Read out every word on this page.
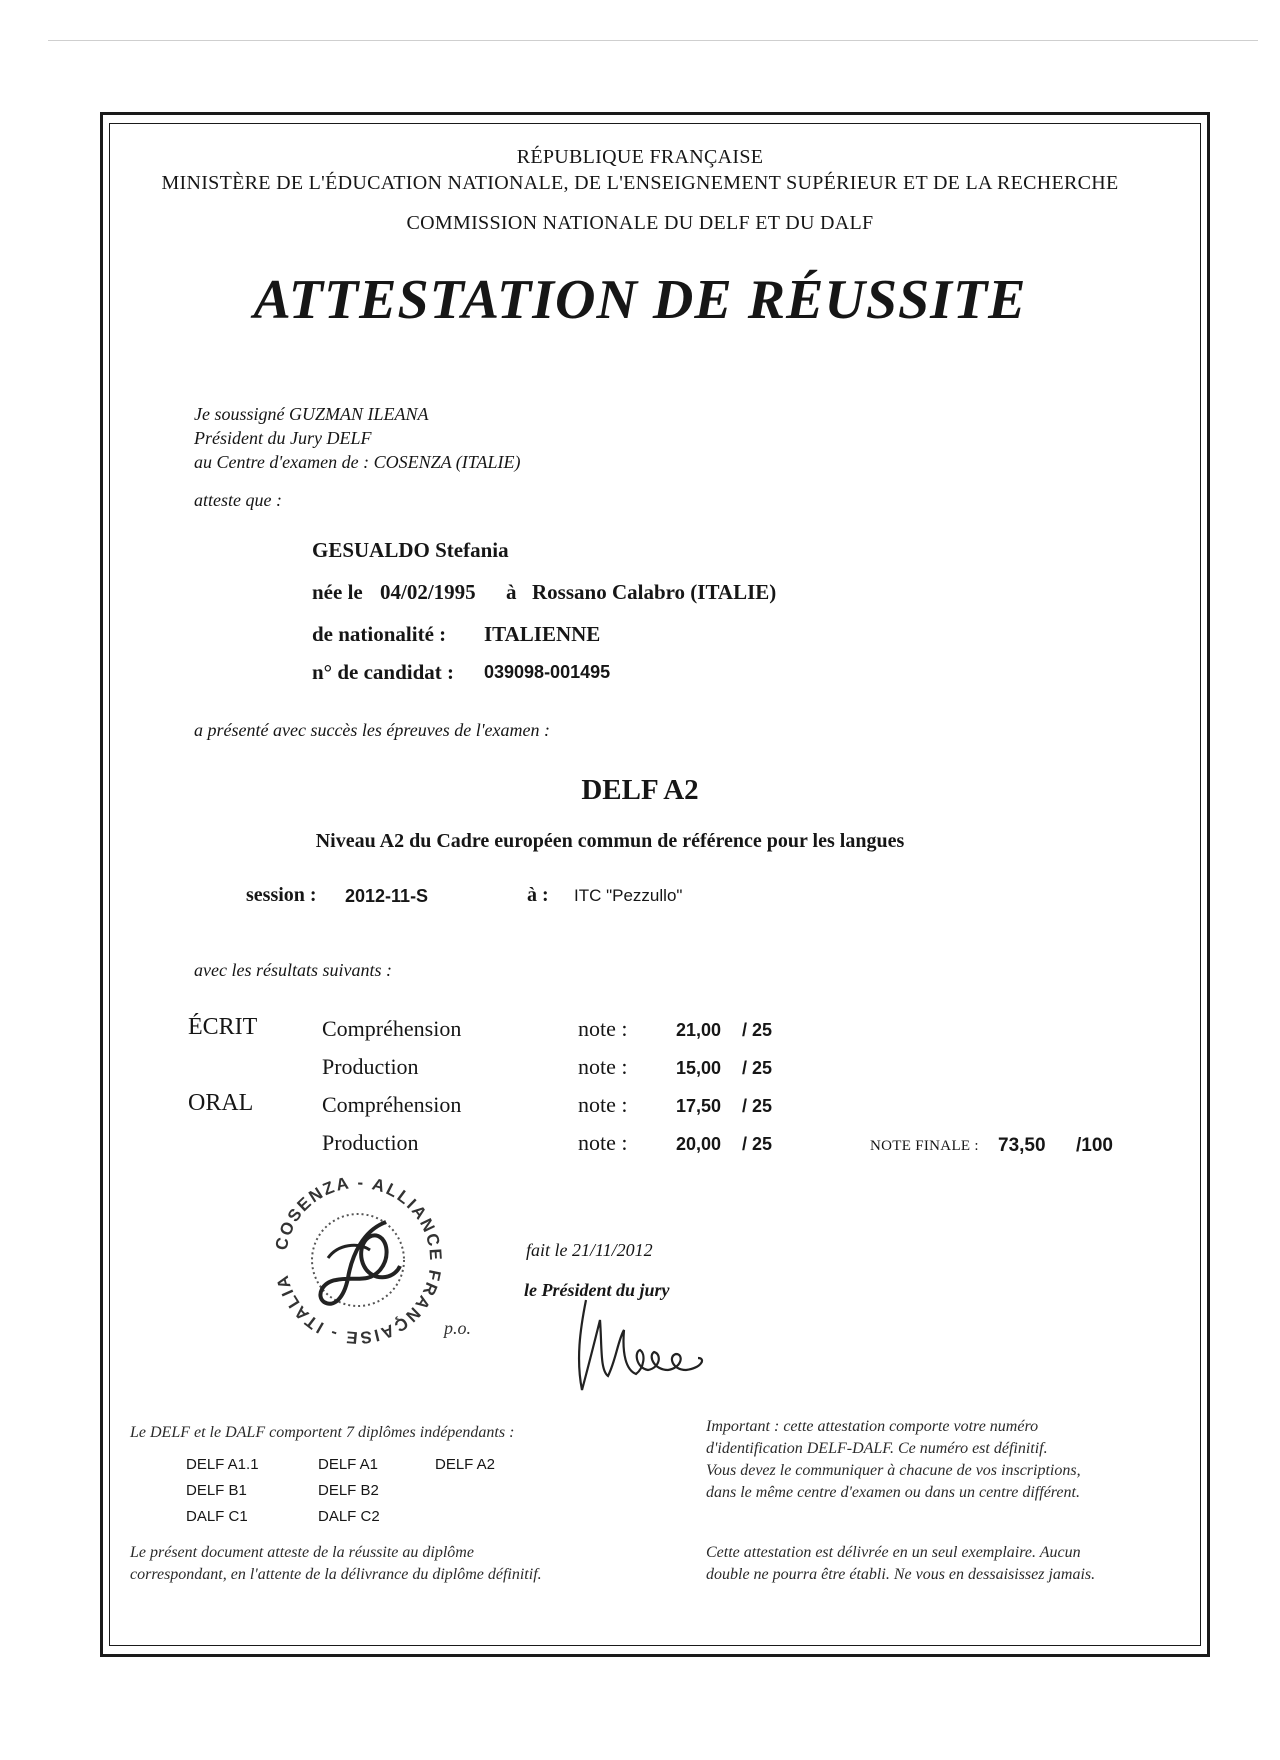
RÉPUBLIQUE FRANÇAISE
MINISTÈRE DE L'ÉDUCATION NATIONALE, DE L'ENSEIGNEMENT SUPÉRIEUR ET DE LA RECHERCHE
COMMISSION NATIONALE DU DELF ET DU DALF
ATTESTATION DE RÉUSSITE
Je soussigné GUZMAN ILEANA
Président du Jury DELF
au Centre d'examen de : COSENZA (ITALIE)
atteste que :
GESUALDO Stefania
née le 04/02/1995 à Rossano Calabro (ITALIE)
de nationalité : ITALIENNE
n° de candidat : 039098-001495
a présenté avec succès les épreuves de l'examen :
DELF A2
Niveau A2 du Cadre européen commun de référence pour les langues
session : 2012-11-S	à : ITC "Pezzullo"
avec les résultats suivants :
ÉCRIT	Compréhension	note :	21,00 / 25
Production	note :	15,00 / 25
ORAL	Compréhension	note :	17,50 / 25
Production	note :	20,00 / 25	NOTE FINALE : 73,50 /100
COSENZA - ALLIANCE FRANÇAISE - ITALIA
fait le 21/11/2012
le Président du jury
p.o.
Le DELF et le DALF comportent 7 diplômes indépendants :
DELF A1.1	DELF A1	DELF A2
DELF B1	DELF B2
DALF C1	DALF C2
Le présent document atteste de la réussite au diplôme
correspondant, en l'attente de la délivrance du diplôme définitif.
Important : cette attestation comporte votre numéro
d'identification DELF-DALF. Ce numéro est définitif.
Vous devez le communiquer à chacune de vos inscriptions,
dans le même centre d'examen ou dans un centre différent.
Cette attestation est délivrée en un seul exemplaire. Aucun
double ne pourra être établi. Ne vous en dessaisissez jamais.
